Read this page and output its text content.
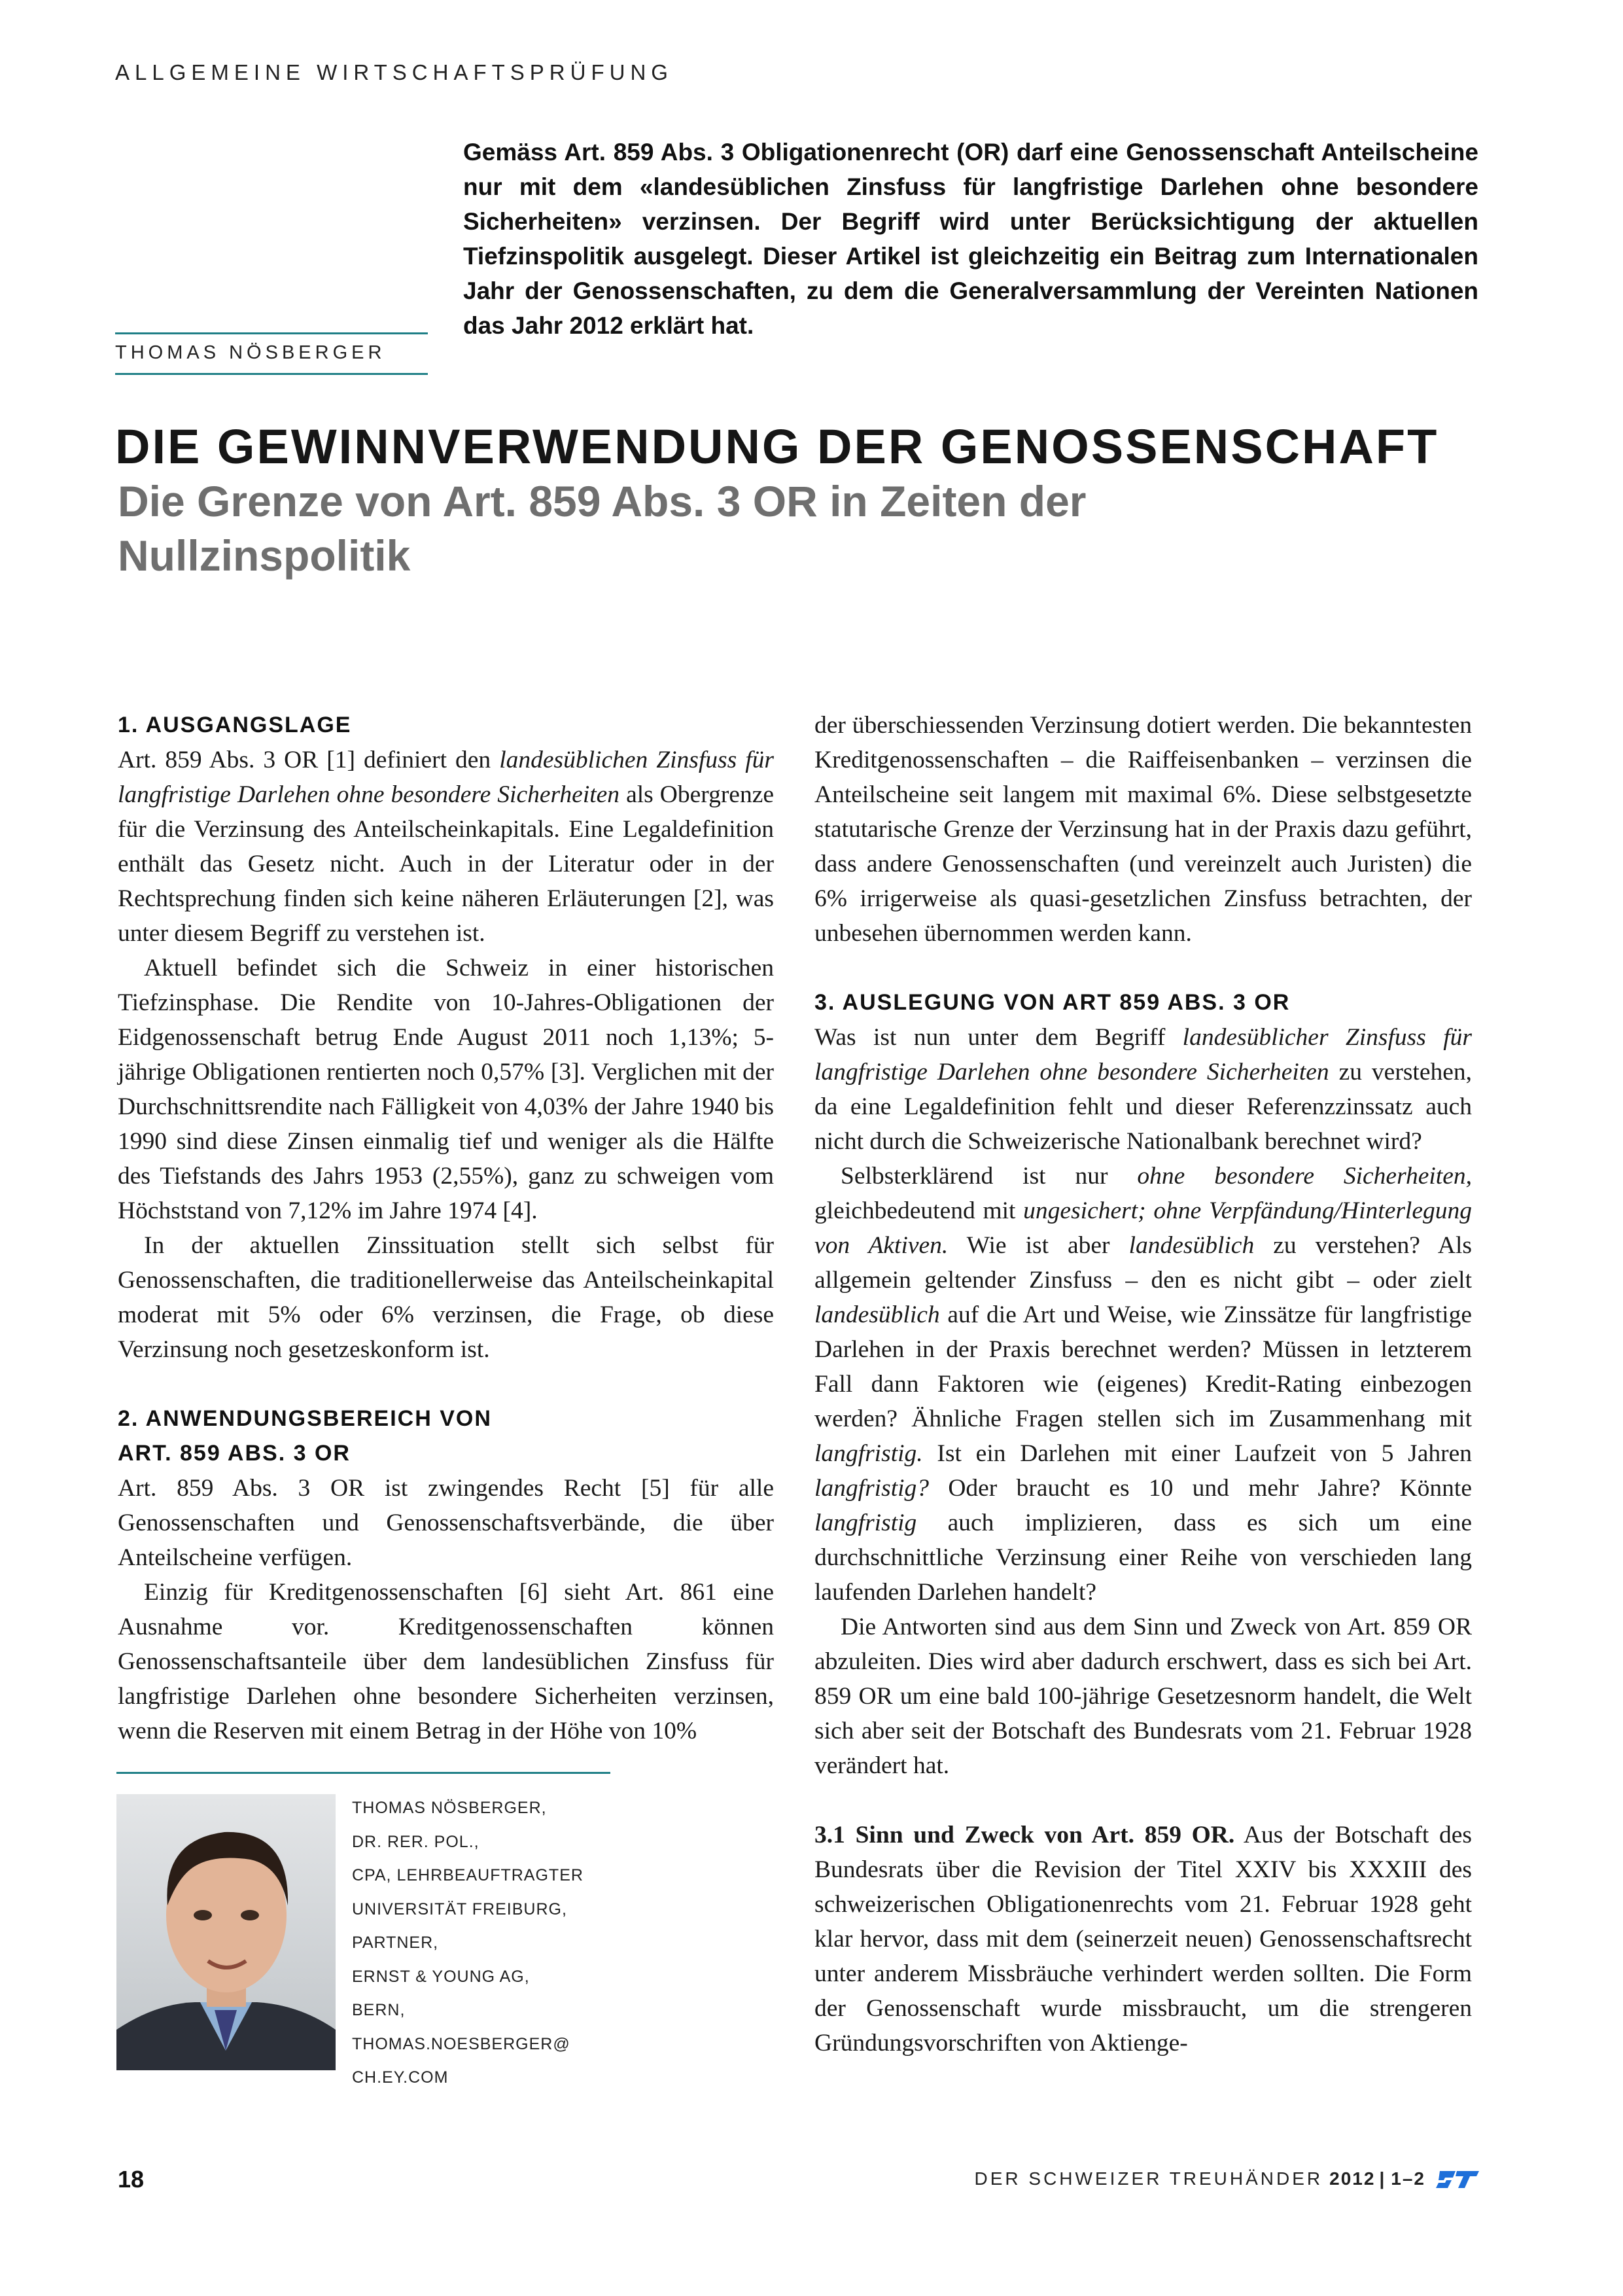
ALLGEMEINE WIRTSCHAFTSPRÜFUNG
THOMAS NÖSBERGER
Gemäss Art. 859 Abs. 3 Obligationenrecht (OR) darf eine Genossenschaft Anteilscheine nur mit dem «landesüblichen Zinsfuss für langfristige Darlehen ohne besondere Sicherheiten» verzinsen. Der Begriff wird unter Berücksichtigung der aktuellen Tiefzinspolitik ausgelegt. Dieser Artikel ist gleichzeitig ein Beitrag zum Internationalen Jahr der Genossenschaften, zu dem die Generalversammlung der Vereinten Nationen das Jahr 2012 erklärt hat.
DIE GEWINNVERWENDUNG DER GENOSSENSCHAFT
Die Grenze von Art. 859 Abs. 3 OR in Zeiten der Nullzinspolitik
1. AUSGANGSLAGE

Art. 859 Abs. 3 OR [1] definiert den landesüblichen Zinsfuss für langfristige Darlehen ohne besondere Sicherheiten als Obergrenze für die Verzinsung des Anteilscheinkapitals. Eine Legaldefinition enthält das Gesetz nicht. Auch in der Literatur oder in der Rechtsprechung finden sich keine näheren Erläuterungen [2], was unter diesem Begriff zu verstehen ist.

Aktuell befindet sich die Schweiz in einer historischen Tiefzinsphase. Die Rendite von 10-Jahres-Obligationen der Eidgenossenschaft betrug Ende August 2011 noch 1,13%; 5-jährige Obligationen rentierten noch 0,57% [3]. Verglichen mit der Durchschnittsrendite nach Fälligkeit von 4,03% der Jahre 1940 bis 1990 sind diese Zinsen einmalig tief und weniger als die Hälfte des Tiefstands des Jahrs 1953 (2,55%), ganz zu schweigen vom Höchststand von 7,12% im Jahre 1974 [4].

In der aktuellen Zinssituation stellt sich selbst für Genossenschaften, die traditionellerweise das Anteilscheinkapital moderat mit 5% oder 6% verzinsen, die Frage, ob diese Verzinsung noch gesetzeskonform ist.

2. ANWENDUNGSBEREICH VON
ART. 859 ABS. 3 OR

Art. 859 Abs. 3 OR ist zwingendes Recht [5] für alle Genossenschaften und Genossenschaftsverbände, die über Anteilscheine verfügen.

Einzig für Kreditgenossenschaften [6] sieht Art. 861 eine Ausnahme vor. Kreditgenossenschaften können Genossenschaftsanteile über dem landesüblichen Zinsfuss für langfristige Darlehen ohne besondere Sicherheiten verzinsen, wenn die Reserven mit einem Betrag in der Höhe von 10%

der überschiessenden Verzinsung dotiert werden. Die bekanntesten Kreditgenossenschaften – die Raiffeisenbanken – verzinsen die Anteilscheine seit langem mit maximal 6%. Diese selbstgesetzte statutarische Grenze der Verzinsung hat in der Praxis dazu geführt, dass andere Genossenschaften (und vereinzelt auch Juristen) die 6% irrigerweise als quasi-gesetzlichen Zinsfuss betrachten, der unbesehen übernommen werden kann.

3. AUSLEGUNG VON ART 859 ABS. 3 OR

Was ist nun unter dem Begriff landesüblicher Zinsfuss für langfristige Darlehen ohne besondere Sicherheiten zu verstehen, da eine Legaldefinition fehlt und dieser Referenzzinssatz auch nicht durch die Schweizerische Nationalbank berechnet wird?

Selbsterklärend ist nur ohne besondere Sicherheiten, gleichbedeutend mit ungesichert; ohne Verpfändung/Hinterlegung von Aktiven. Wie ist aber landesüblich zu verstehen? Als allgemein geltender Zinsfuss – den es nicht gibt – oder zielt landesüblich auf die Art und Weise, wie Zinssätze für langfristige Darlehen in der Praxis berechnet werden? Müssen in letzterem Fall dann Faktoren wie (eigenes) Kredit-Rating einbezogen werden? Ähnliche Fragen stellen sich im Zusammenhang mit langfristig. Ist ein Darlehen mit einer Laufzeit von 5 Jahren langfristig? Oder braucht es 10 und mehr Jahre? Könnte langfristig auch implizieren, dass es sich um eine durchschnittliche Verzinsung einer Reihe von verschieden lang laufenden Darlehen handelt?

Die Antworten sind aus dem Sinn und Zweck von Art. 859 OR abzuleiten. Dies wird aber dadurch erschwert, dass es sich bei Art. 859 OR um eine bald 100-jährige Gesetzesnorm handelt, die Welt sich aber seit der Botschaft des Bundesrats vom 21. Februar 1928 verändert hat.

3.1 Sinn und Zweck von Art. 859 OR. Aus der Botschaft des Bundesrats über die Revision der Titel XXIV bis XXXIII des schweizerischen Obligationenrechts vom 21. Februar 1928 geht klar hervor, dass mit dem (seinerzeit neuen) Genossenschaftsrecht unter anderem Missbräuche verhindert werden sollten. Die Form der Genossenschaft wurde missbraucht, um die strengeren Gründungsvorschriften von Aktienge-

THOMAS NÖSBERGER,
DR. RER. POL.,
CPA, LEHRBEAUFTRAGTER
UNIVERSITÄT FREIBURG,
PARTNER,
ERNST & YOUNG AG,
BERN,
THOMAS.NOESBERGER@
CH.EY.COM
18	DER SCHWEIZER TREUHÄNDER 2012 | 1–2
